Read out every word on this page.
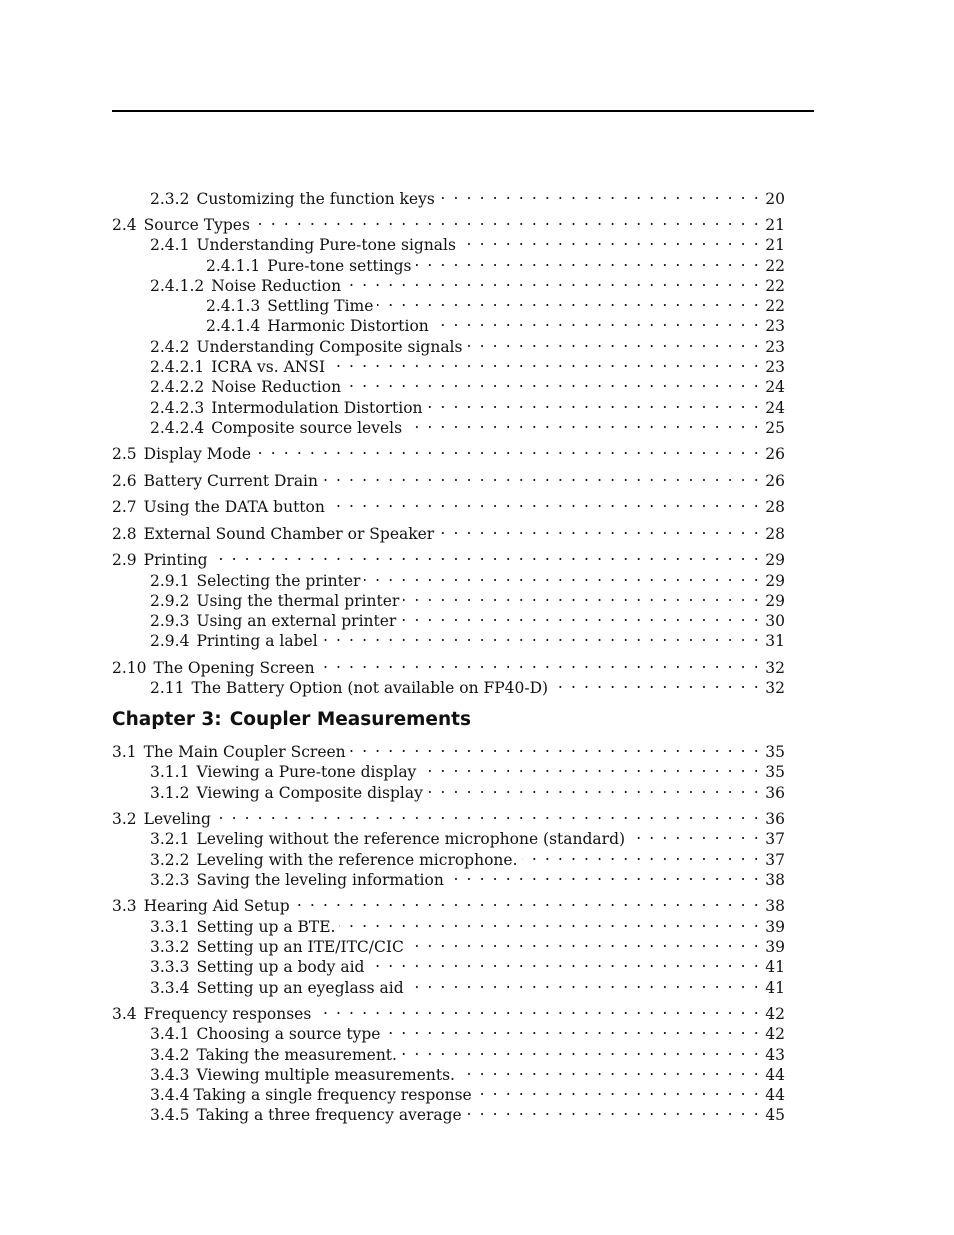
2.3.2 Customizing the function keys . . .	20
2.4 Source Types . . .	21
2.4.1 Understanding Pure-tone signals . . .	21
2.4.1.1 Pure-tone settings . . .	22
2.4.1.2 Noise Reduction . . .	22
2.4.1.3 Settling Time . . .	22
2.4.1.4 Harmonic Distortion . . .	23
2.4.2 Understanding Composite signals . . .	23
2.4.2.1 ICRA vs. ANSI . . .	23
2.4.2.2 Noise Reduction . . .	24
2.4.2.3 Intermodulation Distortion . . .	24
2.4.2.4 Composite source levels . . .	25
2.5 Display Mode . . .	26
2.6 Battery Current Drain . . .	26
2.7 Using the DATA button . . .	28
2.8 External Sound Chamber or Speaker . . .	28
2.9 Printing . . .	29
2.9.1 Selecting the printer . . .	29
2.9.2 Using the thermal printer . . .	29
2.9.3 Using an external printer . . .	30
2.9.4 Printing a label . . .	31
2.10 The Opening Screen . . .	32
2.11 The Battery Option (not available on FP40-D) . . .	32
Chapter 3: Coupler Measurements
3.1 The Main Coupler Screen . . .	35
3.1.1 Viewing a Pure-tone display . . .	35
3.1.2 Viewing a Composite display . . .	36
3.2 Leveling . . .	36
3.2.1 Leveling without the reference microphone (standard) . . .	37
3.2.2 Leveling with the reference microphone. . . .	37
3.2.3 Saving the leveling information . . .	38
3.3 Hearing Aid Setup . . .	38
3.3.1 Setting up a BTE. . . .	39
3.3.2 Setting up an ITE/ITC/CIC . . .	39
3.3.3 Setting up a body aid . . .	41
3.3.4 Setting up an eyeglass aid . . .	41
3.4 Frequency responses . . .	42
3.4.1 Choosing a source type . . .	42
3.4.2 Taking the measurement. . . .	43
3.4.3 Viewing multiple measurements. . . .	44
3.4.4 Taking a single frequency response . . .	44
3.4.5 Taking a three frequency average . . .	45
